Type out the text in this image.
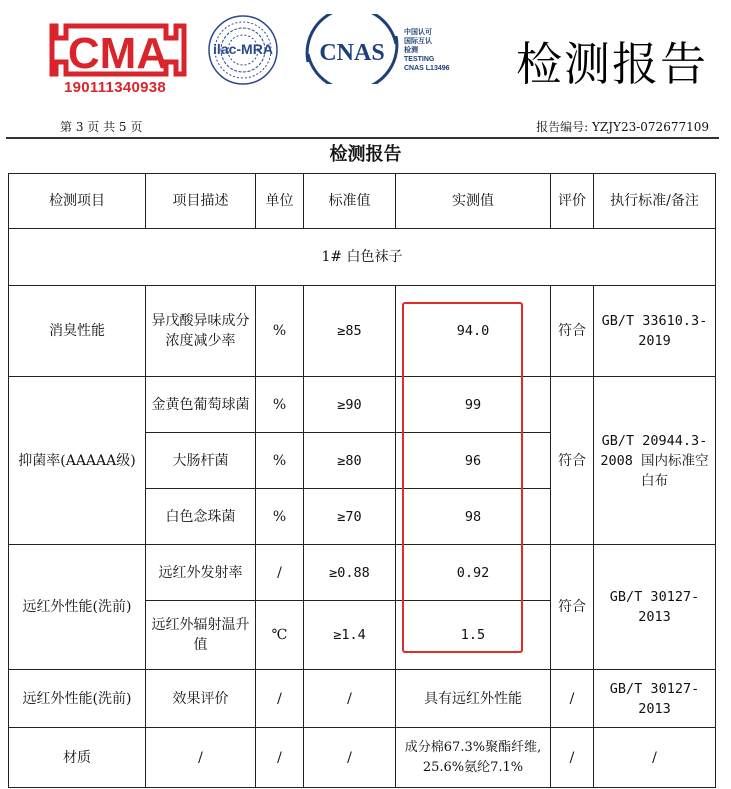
CMA
190111340938
ilac-MRA CNAS
中国认可
国际互认
检测
TESTING
CNAS L13496 检测报告
第 3 页 共 5 页	报告编号: YZJY23-072677109
检测报告
检测项目	项目描述	单位	标准值	实测值	评价	执行标准/备注
1# 白色袜子						
消臭性能	异戊酸异味成分 浓度减少率	%	≥85	94.0	符合	GB/T 33610.3-2019
抑菌率(AAAAA级)	金黄色葡萄球菌	%	≥90	99	符合	GB/T 20944.3-2008 国内标准空白布
	大肠杆菌	%	≥80	96		
	白色念珠菌	%	≥70	98		
远红外性能(洗前)	远红外发射率	/	≥0.88	0.92	符合	GB/T 30127-2013
	远红外辐射温升 值	℃	≥1.4	1.5		
远红外性能(洗前)	效果评价	/	/	具有远红外性能	/	GB/T 30127-2013
材质	/	/	/	成分棉67.3%聚酯纤维, 25.6%氨纶7.1%	/	/
